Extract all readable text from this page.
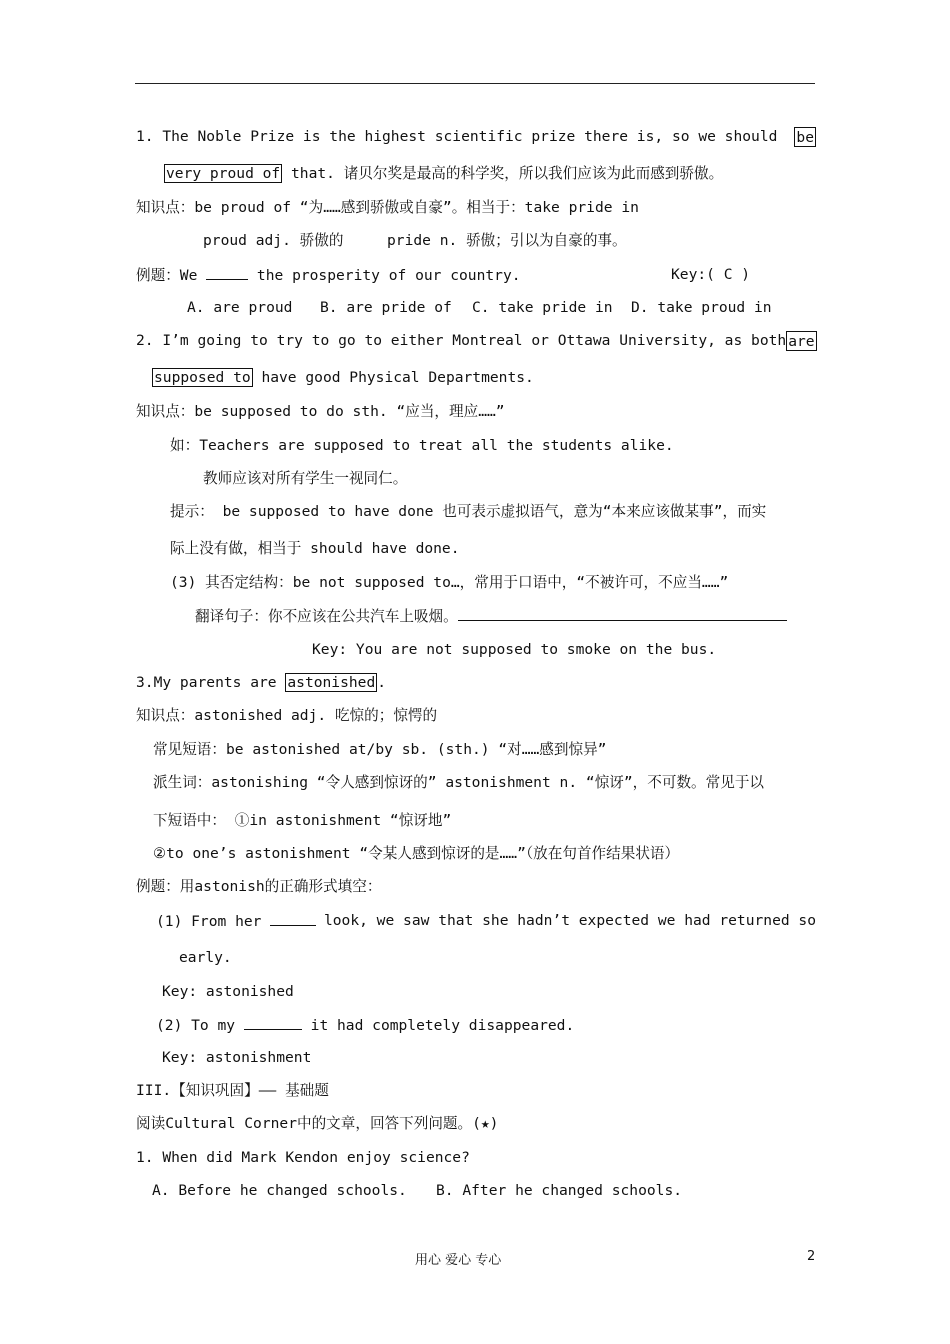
1. The Noble Prize is the highest scientific prize there is, so we should be
very proud of that. 诸贝尔奖是最高的科学奖，所以我们应该为此而感到骄傲。
知识点：be proud of “为……感到骄傲或自豪”。相当于：take pride in
proud adj. 骄傲的	pride n. 骄傲；引以为自豪的事。
例题：We	the prosperity of our country.	Key:( C )
A. are proud B. are pride of C. take pride in D. take proud in
2. I’m going to try to go to either Montreal or Ottawa University, as both are
supposed to have good Physical Departments.
知识点：be supposed to do sth. “应当，理应……”
如：Teachers are supposed to treat all the students alike.
教师应该对所有学生一视同仁。
提示： be supposed to have done 也可表示虚拟语气，意为“本来应该做某事”，而实
际上没有做，相当于 should have done.
(3) 其否定结构：be not supposed to…，常用于口语中，“不被许可，不应当……”
翻译句子：你不应该在公共汽车上吸烟。
Key: You are not supposed to smoke on the bus.
3.My parents are astonished .
知识点：astonished adj. 吃惊的；惊愕的
常见短语：be astonished at/by sb. (sth.) “对……感到惊异”
派生词：astonishing “令人感到惊讶的” astonishment n. “惊讶”，不可数。常见于以
下短语中： ①in astonishment “惊讶地”
②to one’s astonishment “令某人感到惊讶的是……”（放在句首作结果状语）
例题：用astonish的正确形式填空：
(1) From her	look, we saw that she hadn’t expected we had returned so
early.
Key: astonished
(2) To my	it had completely disappeared.
Key: astonishment
III.【知识巩固】—— 基础题
阅读Cultural Corner中的文章，回答下列问题。(★)
1. When did Mark Kendon enjoy science?
A. Before he changed schools. B. After he changed schools.
用心 爱心 专心	2
